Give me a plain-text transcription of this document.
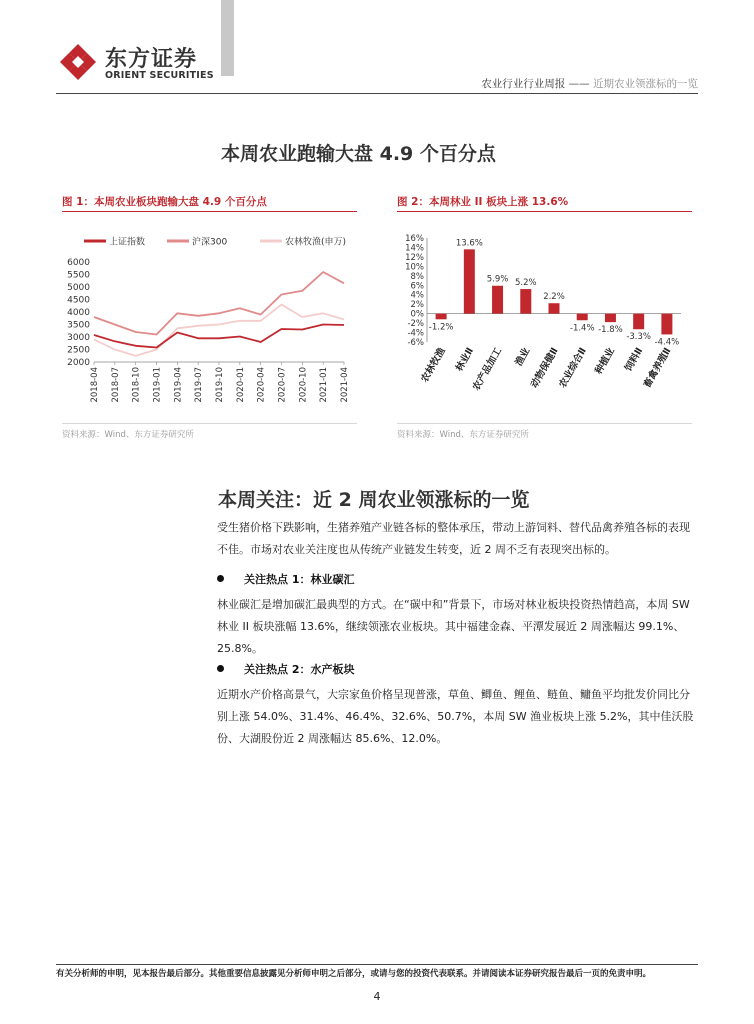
东方证券
ORIENT SECURITIES
农业行业行业周报 —— 近期农业领涨标的一览
本周农业跑输大盘 4.9 个百分点
图 1：本周农业板块跑输大盘 4.9 个百分点
上证指数	沪深300	农林牧渔(申万)
2000
2500
3000
3500
4000
4500
5000
5500
6000
2018-04 2018-07 2018-10 2019-01 2019-04 2019-07 2019-10 2020-01 2020-04 2020-07 2020-10 2021-01 2021-04
资料来源：Wind、东方证券研究所
图 2：本周林业 II 板块上涨 13.6%
-6%
-4%
-2%
0%
2%
4%
6%
8%
10%
12%
14%
16%
-1.2%
农林牧渔
13.6%
林业Ⅱ
5.9%
农产品加工
5.2%
渔业
2.2%
动物保健Ⅱ
-1.4%
农业综合Ⅱ
-1.8%
种植业
-3.3%
饲料Ⅱ
-4.4%
畜禽养殖Ⅱ
资料来源：Wind、东方证券研究所
本周关注：近 2 周农业领涨标的一览
受生猪价格下跌影响，生猪养殖产业链各标的整体承压，带动上游饲料、替代品禽养殖各标的表现不佳。市场对农业关注度也从传统产业链发生转变，近 2 周不乏有表现突出标的。
关注热点 1：林业碳汇
林业碳汇是增加碳汇最典型的方式。在“碳中和”背景下，市场对林业板块投资热情趋高，本周 SW 林业 II 板块涨幅 13.6%，继续领涨农业板块。其中福建金森、平潭发展近 2 周涨幅达 99.1%、25.8%。
关注热点 2：水产板块
近期水产价格高景气，大宗家鱼价格呈现普涨，草鱼、鲫鱼、鲤鱼、鲢鱼、鳙鱼平均批发价同比分别上涨 54.0%、31.4%、46.4%、32.6%、50.7%，本周 SW 渔业板块上涨 5.2%，其中佳沃股份、大湖股份近 2 周涨幅达 85.6%、12.0%。
有关分析师的申明，见本报告最后部分。其他重要信息披露见分析师申明之后部分，或请与您的投资代表联系。并请阅读本证券研究报告最后一页的免责申明。
4
